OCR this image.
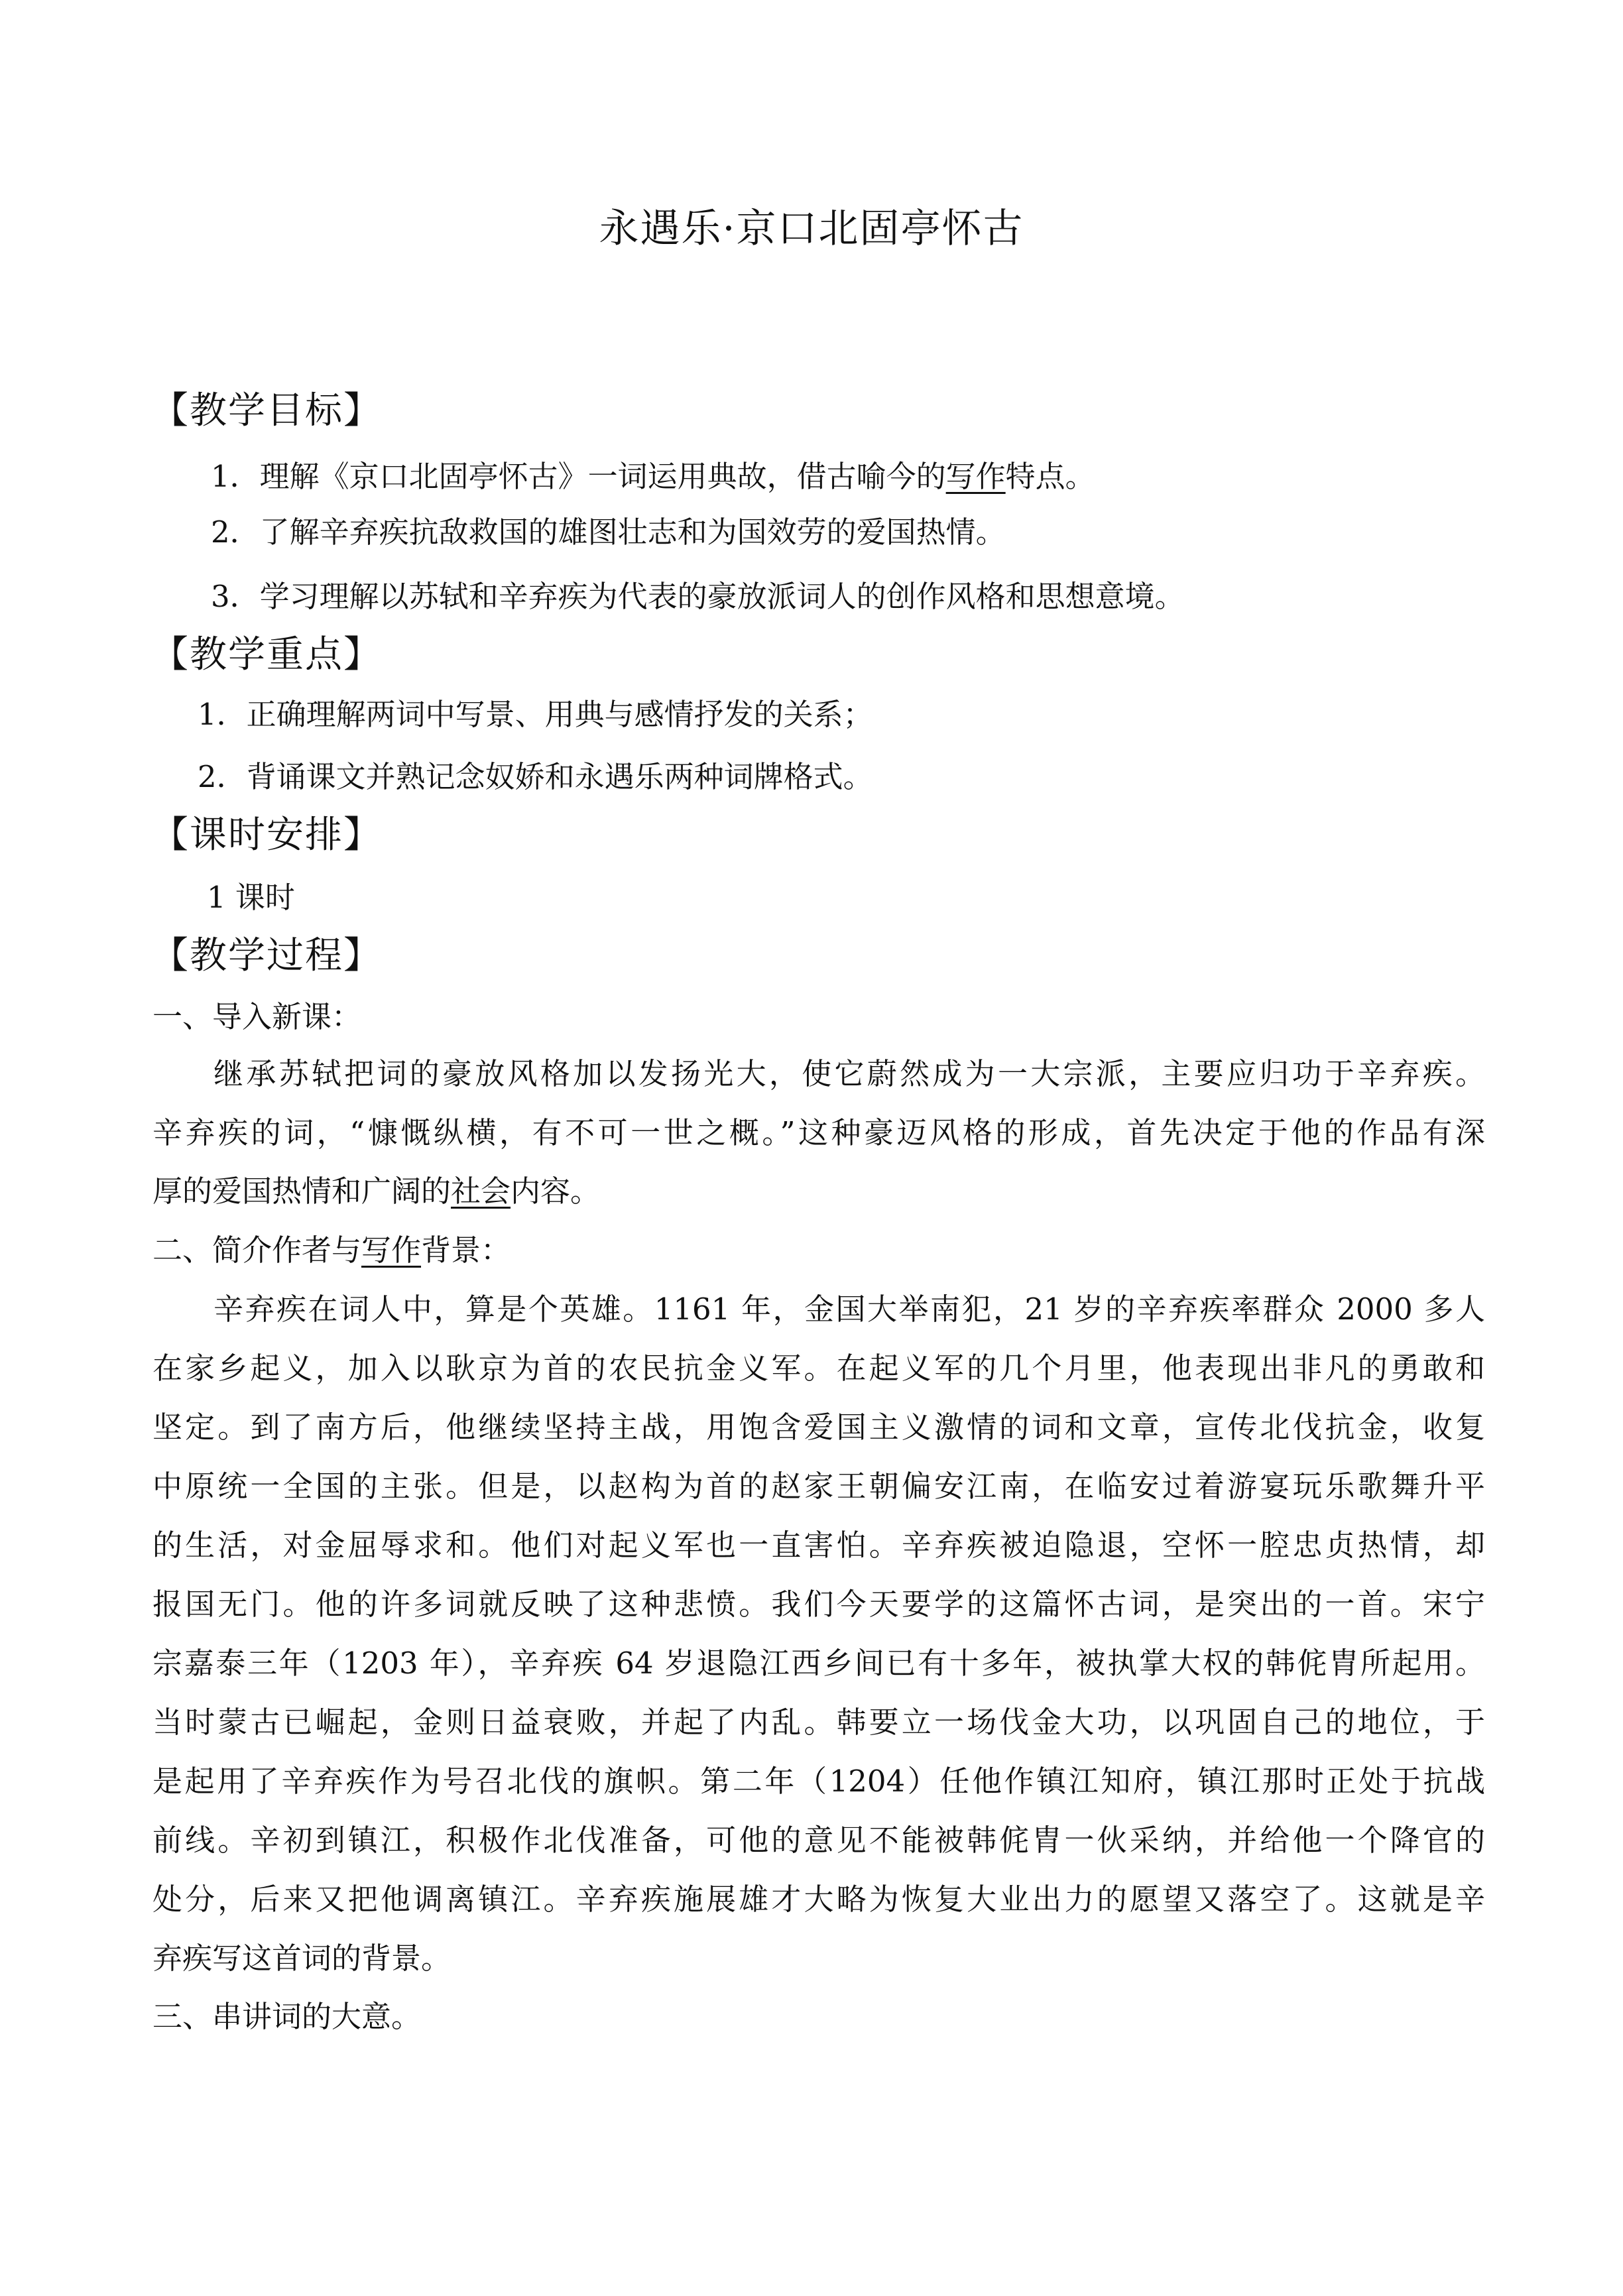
永遇乐·京口北固亭怀古
【教学目标】
1．理解《京口北固亭怀古》一词运用典故，借古喻今的写作特点。
2．了解辛弃疾抗敌救国的雄图壮志和为国效劳的爱国热情。
3．学习理解以苏轼和辛弃疾为代表的豪放派词人的创作风格和思想意境。
【教学重点】
1．正确理解两词中写景、用典与感情抒发的关系；
2．背诵课文并熟记念奴娇和永遇乐两种词牌格式。
【课时安排】
1 课时
【教学过程】
一、导入新课：
继承苏轼把词的豪放风格加以发扬光大，使它蔚然成为一大宗派，主要应归功于辛弃疾。
辛弃疾的词，“慷慨纵横，有不可一世之概。”这种豪迈风格的形成，首先决定于他的作品有深
厚的爱国热情和广阔的社会内容。
二、简介作者与写作背景：
辛弃疾在词人中，算是个英雄。1161 年，金国大举南犯，21 岁的辛弃疾率群众 2000 多人
在家乡起义，加入以耿京为首的农民抗金义军。在起义军的几个月里，他表现出非凡的勇敢和
坚定。到了南方后，他继续坚持主战，用饱含爱国主义激情的词和文章，宣传北伐抗金，收复
中原统一全国的主张。但是，以赵构为首的赵家王朝偏安江南，在临安过着游宴玩乐歌舞升平
的生活，对金屈辱求和。他们对起义军也一直害怕。辛弃疾被迫隐退，空怀一腔忠贞热情，却
报国无门。他的许多词就反映了这种悲愤。我们今天要学的这篇怀古词，是突出的一首。宋宁
宗嘉泰三年（1203 年），辛弃疾 64 岁退隐江西乡间已有十多年，被执掌大权的韩侂胄所起用。
当时蒙古已崛起，金则日益衰败，并起了内乱。韩要立一场伐金大功，以巩固自己的地位，于
是起用了辛弃疾作为号召北伐的旗帜。第二年（1204）任他作镇江知府，镇江那时正处于抗战
前线。辛初到镇江，积极作北伐准备，可他的意见不能被韩侂胄一伙采纳，并给他一个降官的
处分，后来又把他调离镇江。辛弃疾施展雄才大略为恢复大业出力的愿望又落空了。这就是辛
弃疾写这首词的背景。
三、串讲词的大意。
